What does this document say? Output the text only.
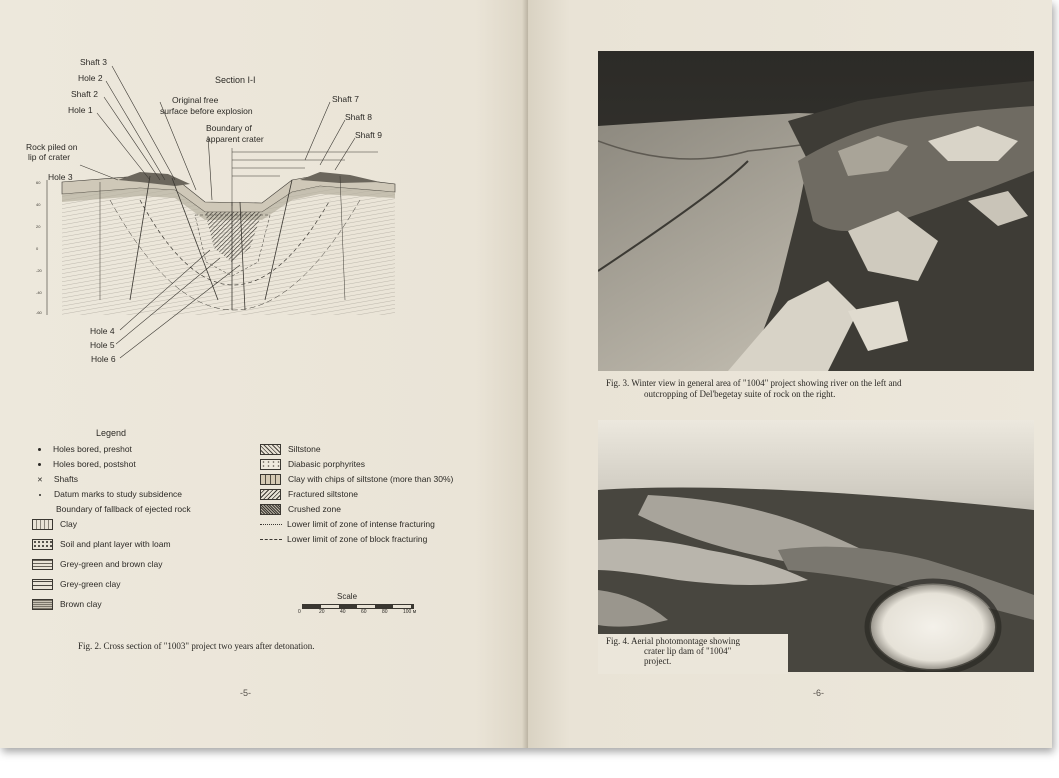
60
40
20
0
-20
-40
-60
Shaft 3
Hole 2
Shaft 2
Hole 1
Section I-I
Original free
surface before explosion
Boundary of
apparent crater
Shaft 7
Shaft 8
Shaft 9
Rock piled on
lip of crater
Hole 3
Hole 4
Hole 5
Hole 6
Legend
Holes bored, preshot
Holes bored, postshot
✕ Shafts
Datum marks to study subsidence
Boundary of fallback of ejected rock
Clay
Soil and plant layer with loam
Grey-green and brown clay
Grey-green clay
Brown clay
Siltstone
Diabasic porphyrites
Clay with chips of siltstone (more than 30%)
Fractured siltstone
Crushed zone
Lower limit of zone of intense fracturing
Lower limit of zone of block fracturing
Scale
0	20	40	60	80	100 м
Fig. 2. Cross section of "1003" project two years after detonation.
-5-
Fig. 3. Winter view in general area of "1004" project showing river on the left and
outcropping of Del'begetay suite of rock on the right.
Fig. 4. Aerial photomontage showing
crater lip dam of "1004"
project.
-6-
